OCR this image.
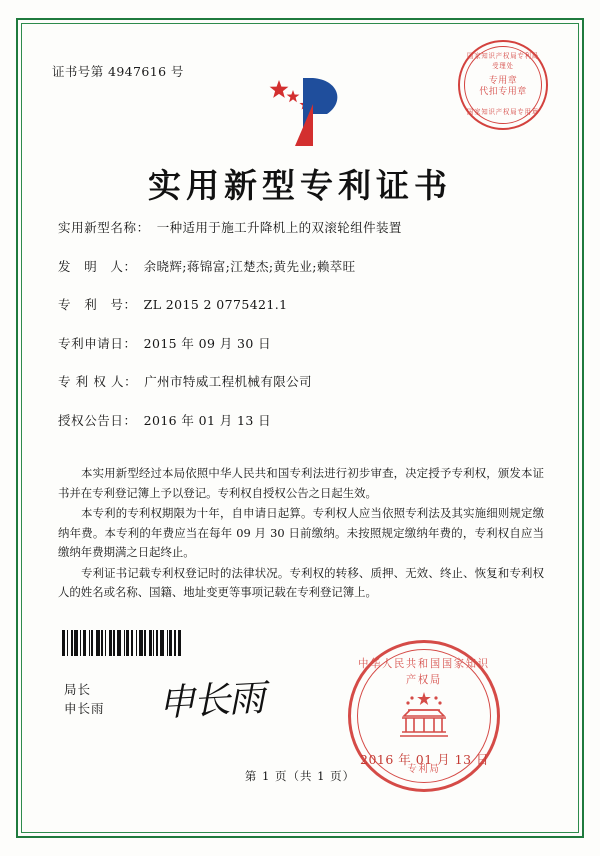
证书号第 4947616 号
国家知识产权局专利局受理处
专用章
代扣专用章
国家知识产权局专用章
实用新型专利证书
实用新型名称： 一种适用于施工升降机上的双滚轮组件装置
发　明　人： 余晓辉;蒋锦富;江楚杰;黄先业;赖萃旺
专　利　号： ZL 2015 2 0775421.1
专利申请日： 2015 年 09 月 30 日
专 利 权 人： 广州市特威工程机械有限公司
授权公告日： 2016 年 01 月 13 日

本实用新型经过本局依照中华人民共和国专利法进行初步审查，决定授予专利权，颁发本证书并在专利登记簿上予以登记。专利权自授权公告之日起生效。

本专利的专利权期限为十年，自申请日起算。专利权人应当依照专利法及其实施细则规定缴纳年费。本专利的年费应当在每年 09 月 30 日前缴纳。未按照规定缴纳年费的，专利权自应当缴纳年费期满之日起终止。

专利证书记载专利权登记时的法律状况。专利权的转移、质押、无效、终止、恢复和专利权人的姓名或名称、国籍、地址变更等事项记载在专利登记簿上。

局长
申长雨 申长雨
中华人民共和国国家知识产权局
专利局
2016 年 01 月 13 日
第 1 页（共 1 页）
